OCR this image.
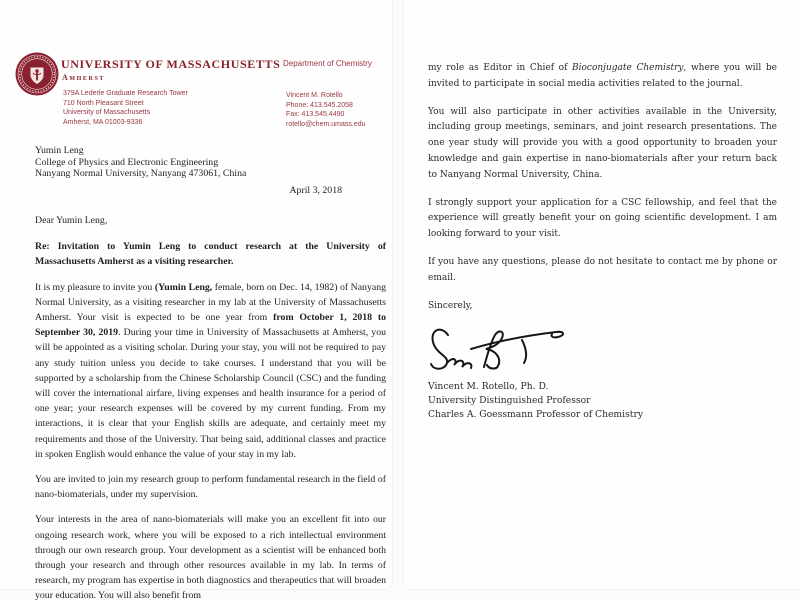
UNIVERSITY OF MASSACHUSETTS
Amherst
379A Lederle Graduate Research Tower
710 North Pleasant Street
University of Massachusetts
Amherst, MA 01003-9336
Department of Chemistry
Vincent M. Rotello
Phone: 413.545.2058
Fax: 413.545.4490
rotello@chem.umass.edu
Yumin Leng
College of Physics and Electronic Engineering
Nanyang Normal University, Nanyang 473061, China
April 3, 2018
Dear Yumin Leng,
Re: Invitation to Yumin Leng to conduct research at the University of Massachusetts Amherst as a visiting researcher.

It is my pleasure to invite you (Yumin Leng, female, born on Dec. 14, 1982) of Nanyang Normal University, as a visiting researcher in my lab at the University of Massachusetts Amherst. Your visit is expected to be one year from from October 1, 2018 to September 30, 2019. During your time in University of Massachusetts at Amherst, you will be appointed as a visiting scholar. During your stay, you will not be required to pay any study tuition unless you decide to take courses. I understand that you will be supported by a scholarship from the Chinese Scholarship Council (CSC) and the funding will cover the international airfare, living expenses and health insurance for a period of one year; your research expenses will be covered by my current funding. From my interactions, it is clear that your English skills are adequate, and certainly meet my requirements and those of the University. That being said, additional classes and practice in spoken English would enhance the value of your stay in my lab.

You are invited to join my research group to perform fundamental research in the field of nano-biomaterials, under my supervision.

Your interests in the area of nano-biomaterials will make you an excellent fit into our ongoing research work, where you will be exposed to a rich intellectual environment through our own research group. Your development as a scientist will be enhanced both through your research and through other resources available in my lab. In terms of research, my program has expertise in both diagnostics and therapeutics that will broaden your education. You will also benefit from

my role as Editor in Chief of Bioconjugate Chemistry, where you will be invited to participate in social media activities related to the journal.

You will also participate in other activities available in the University, including group meetings, seminars, and joint research presentations. The one year study will provide you with a good opportunity to broaden your knowledge and gain expertise in nano-biomaterials after your return back to Nanyang Normal University, China.

I strongly support your application for a CSC fellowship, and feel that the experience will greatly benefit your on going scientific development. I am looking forward to your visit.

If you have any questions, please do not hesitate to contact me by phone or email.

Sincerely,
Vincent M. Rotello, Ph. D.
University Distinguished Professor
Charles A. Goessmann Professor of Chemistry
